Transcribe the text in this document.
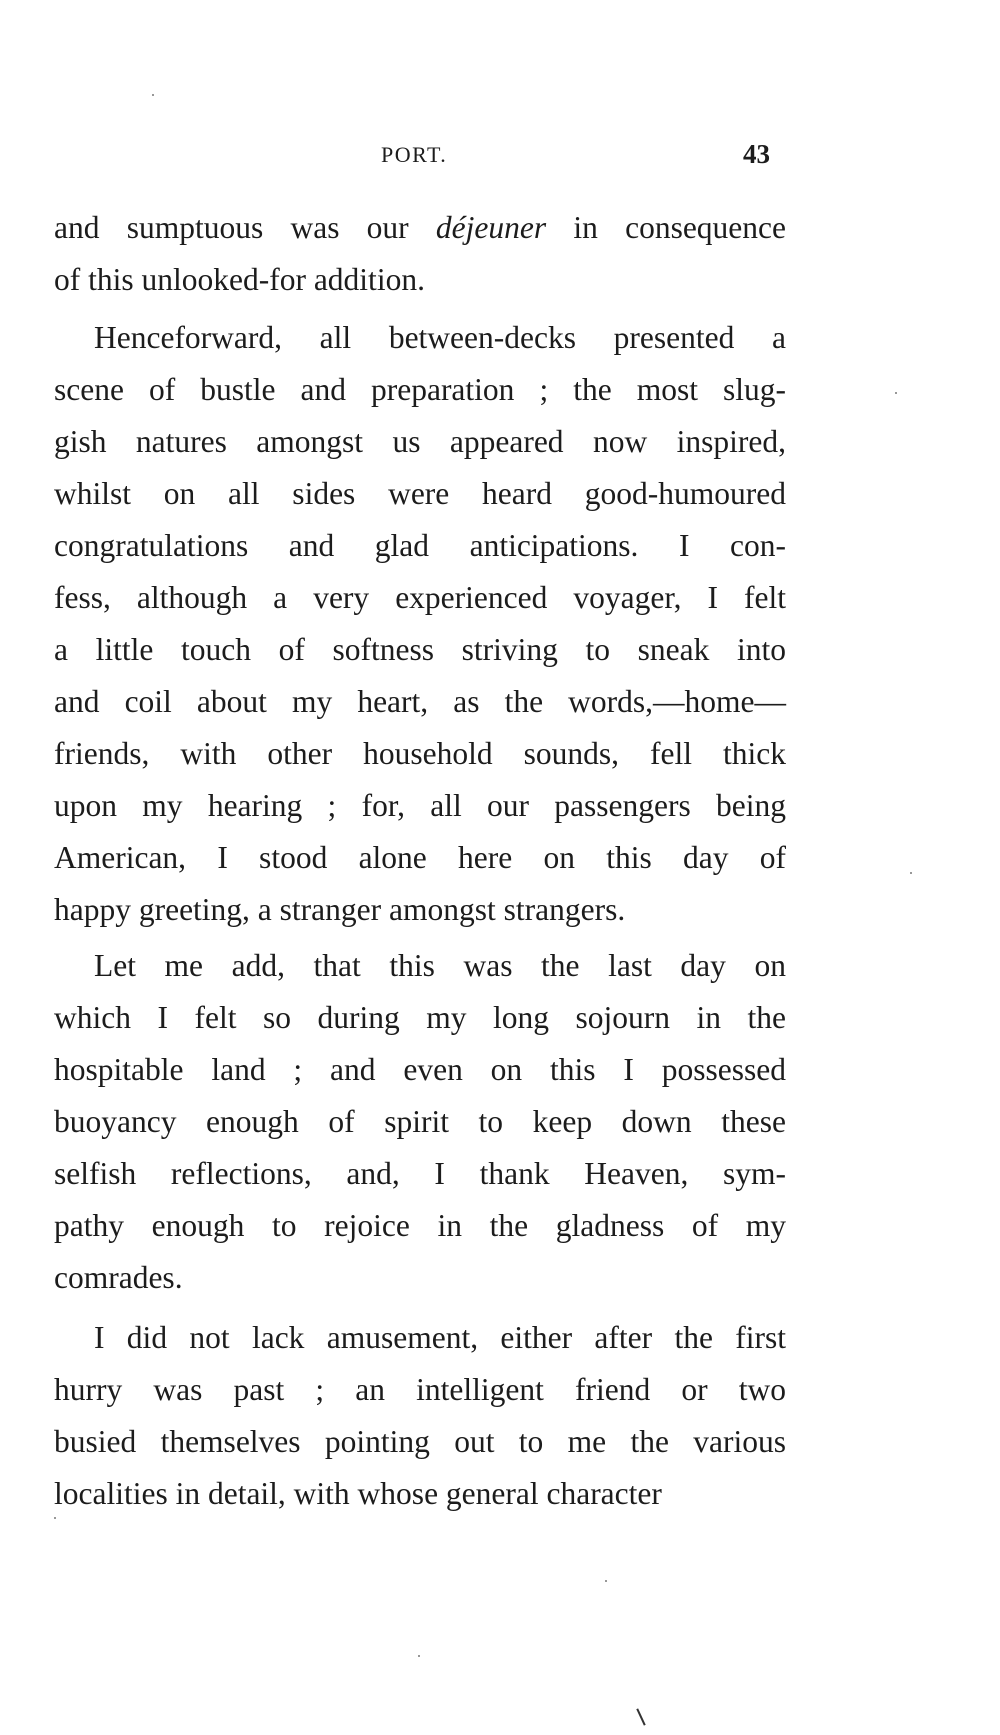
PORT.	43
and sumptuous was our déjeuner in consequence
of this unlooked-for addition.
Henceforward, all between-decks presented a
scene of bustle and preparation ; the most slug-
gish natures amongst us appeared now inspired,
whilst on all sides were heard good-humoured
congratulations and glad anticipations. I con-
fess, although a very experienced voyager, I felt
a little touch of softness striving to sneak into
and coil about my heart, as the words,—home—
friends, with other household sounds, fell thick
upon my hearing ; for, all our passengers being
American, I stood alone here on this day of
happy greeting, a stranger amongst strangers.
Let me add, that this was the last day on
which I felt so during my long sojourn in the
hospitable land ; and even on this I possessed
buoyancy enough of spirit to keep down these
selfish reflections, and, I thank Heaven, sym-
pathy enough to rejoice in the gladness of my
comrades.
I did not lack amusement, either after the first
hurry was past ; an intelligent friend or two
busied themselves pointing out to me the various
localities in detail, with whose general character
